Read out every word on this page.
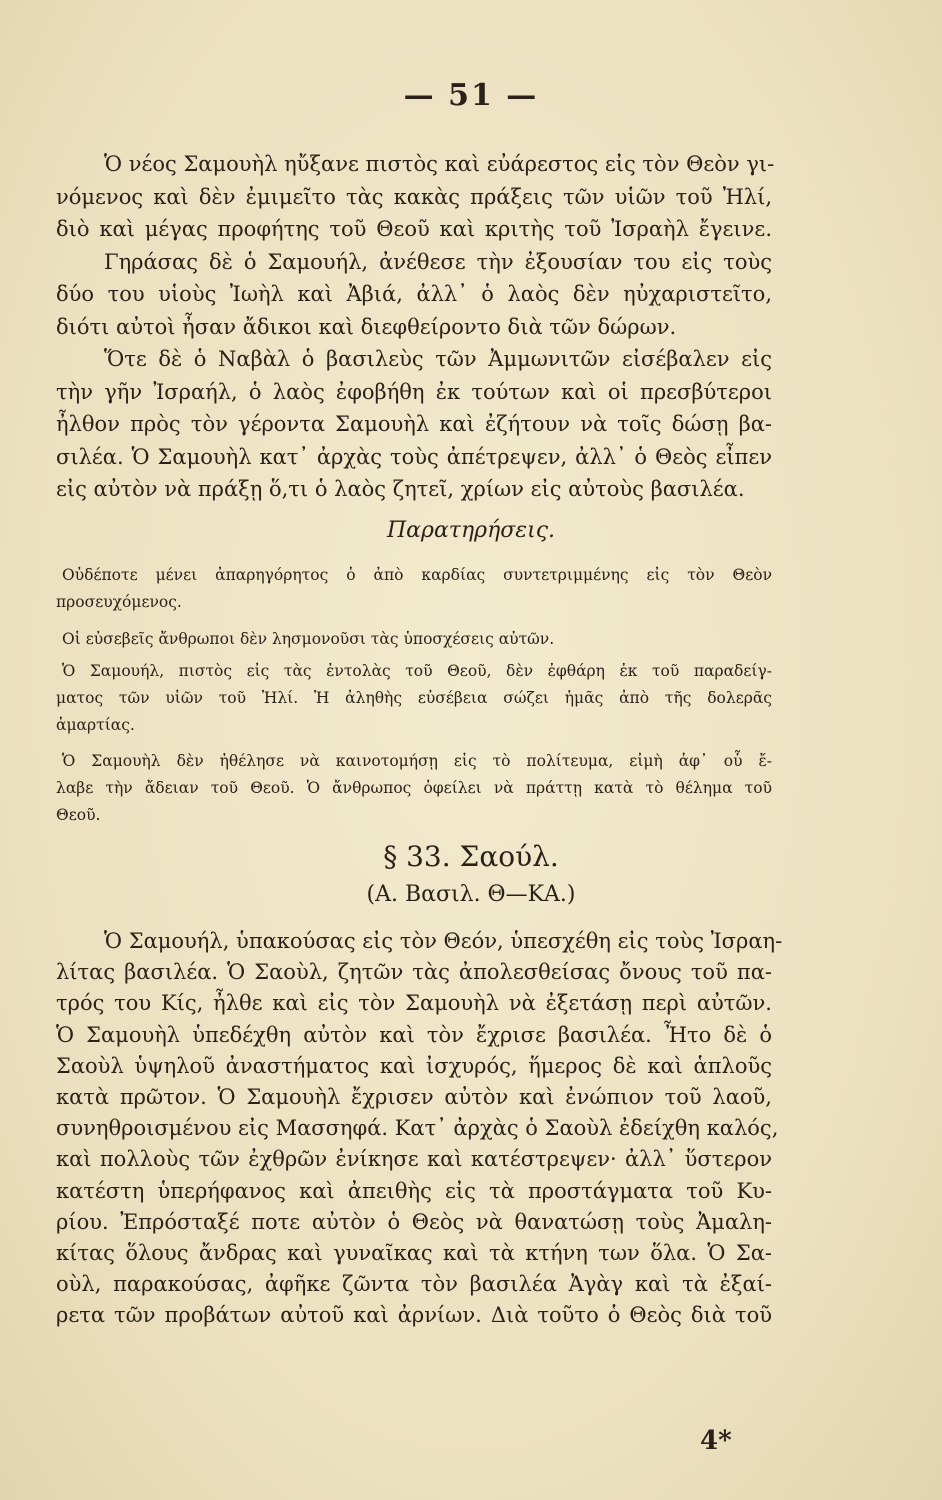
— 51 —
Ὁ νέος Σαμουὴλ ηὔξανε πιστὸς καὶ εὐάρεστος εἰς τὸν Θεὸν γι-
νόμενος καὶ δὲν ἐμιμεῖτο τὰς κακὰς πράξεις τῶν υἱῶν τοῦ Ἠλί,
διὸ καὶ μέγας προφήτης τοῦ Θεοῦ καὶ κριτὴς τοῦ Ἰσραὴλ ἔγεινε.
Γηράσας δὲ ὁ Σαμουήλ, ἀνέθεσε τὴν ἐξουσίαν του εἰς τοὺς
δύο του υἱοὺς Ἰωὴλ καὶ Ἀβιά, ἀλλ᾽ ὁ λαὸς δὲν ηὐχαριστεῖτο,
διότι αὐτοὶ ἦσαν ἄδικοι καὶ διεφθείροντο διὰ τῶν δώρων.
Ὅτε δὲ ὁ Ναβὰλ ὁ βασιλεὺς τῶν Ἀμμωνιτῶν εἰσέβαλεν εἰς
τὴν γῆν Ἰσραήλ, ὁ λαὸς ἐφοβήθη ἐκ τούτων καὶ οἱ πρεσβύτεροι
ἦλθον πρὸς τὸν γέροντα Σαμουὴλ καὶ ἐζήτουν νὰ τοῖς δώσῃ βα-
σιλέα. Ὁ Σαμουὴλ κατ᾽ ἀρχὰς τοὺς ἀπέτρεψεν, ἀλλ᾽ ὁ Θεὸς εἶπεν
εἰς αὐτὸν νὰ πράξῃ ὅ,τι ὁ λαὸς ζητεῖ, χρίων εἰς αὐτοὺς βασιλέα.
Παρατηρήσεις.
Οὐδέποτε μένει ἀπαρηγόρητος ὁ ἀπὸ καρδίας συντετριμμένης εἰς τὸν Θεὸν
προσευχόμενος.
Οἱ εὐσεβεῖς ἄνθρωποι δὲν λησμονοῦσι τὰς ὑποσχέσεις αὐτῶν.
Ὁ Σαμουήλ, πιστὸς εἰς τὰς ἐντολὰς τοῦ Θεοῦ, δὲν ἐφθάρη ἐκ τοῦ παραδείγ-
ματος τῶν υἱῶν τοῦ Ἠλί. Ἡ ἀληθὴς εὐσέβεια σώζει ἡμᾶς ἀπὸ τῆς δολερᾶς
ἁμαρτίας.
Ὁ Σαμουὴλ δὲν ἠθέλησε νὰ καινοτομήσῃ εἰς τὸ πολίτευμα, εἰμὴ ἀφ᾽ οὗ ἔ-
λαβε τὴν ἄδειαν τοῦ Θεοῦ. Ὁ ἄνθρωπος ὀφείλει νὰ πράττῃ κατὰ τὸ θέλημα τοῦ
Θεοῦ.
§ 33. Σαούλ.
(Α. Βασιλ. Θ—ΚΑ.)
Ὁ Σαμουήλ, ὑπακούσας εἰς τὸν Θεόν, ὑπεσχέθη εἰς τοὺς Ἰσραη-
λίτας βασιλέα. Ὁ Σαοὺλ, ζητῶν τὰς ἀπολεσθείσας ὄνους τοῦ πα-
τρός του Κίς, ἦλθε καὶ εἰς τὸν Σαμουὴλ νὰ ἐξετάσῃ περὶ αὐτῶν.
Ὁ Σαμουὴλ ὑπεδέχθη αὐτὸν καὶ τὸν ἔχρισε βασιλέα. Ἦτο δὲ ὁ
Σαοὺλ ὑψηλοῦ ἀναστήματος καὶ ἰσχυρός, ἥμερος δὲ καὶ ἁπλοῦς
κατὰ πρῶτον. Ὁ Σαμουὴλ ἔχρισεν αὐτὸν καὶ ἐνώπιον τοῦ λαοῦ,
συνηθροισμένου εἰς Μασσηφά. Κατ᾽ ἀρχὰς ὁ Σαοὺλ ἐδείχθη καλός,
καὶ πολλοὺς τῶν ἐχθρῶν ἐνίκησε καὶ κατέστρεψεν· ἀλλ᾽ ὕστερον
κατέστη ὑπερήφανος καὶ ἀπειθὴς εἰς τὰ προστάγματα τοῦ Κυ-
ρίου. Ἐπρόσταξέ ποτε αὐτὸν ὁ Θεὸς νὰ θανατώσῃ τοὺς Ἀμαλη-
κίτας ὅλους ἄνδρας καὶ γυναῖκας καὶ τὰ κτήνη των ὅλα. Ὁ Σα-
οὺλ, παρακούσας, ἀφῆκε ζῶντα τὸν βασιλέα Ἀγὰγ καὶ τὰ ἐξαί-
ρετα τῶν προβάτων αὐτοῦ καὶ ἀρνίων. Διὰ τοῦτο ὁ Θεὸς διὰ τοῦ
4*
